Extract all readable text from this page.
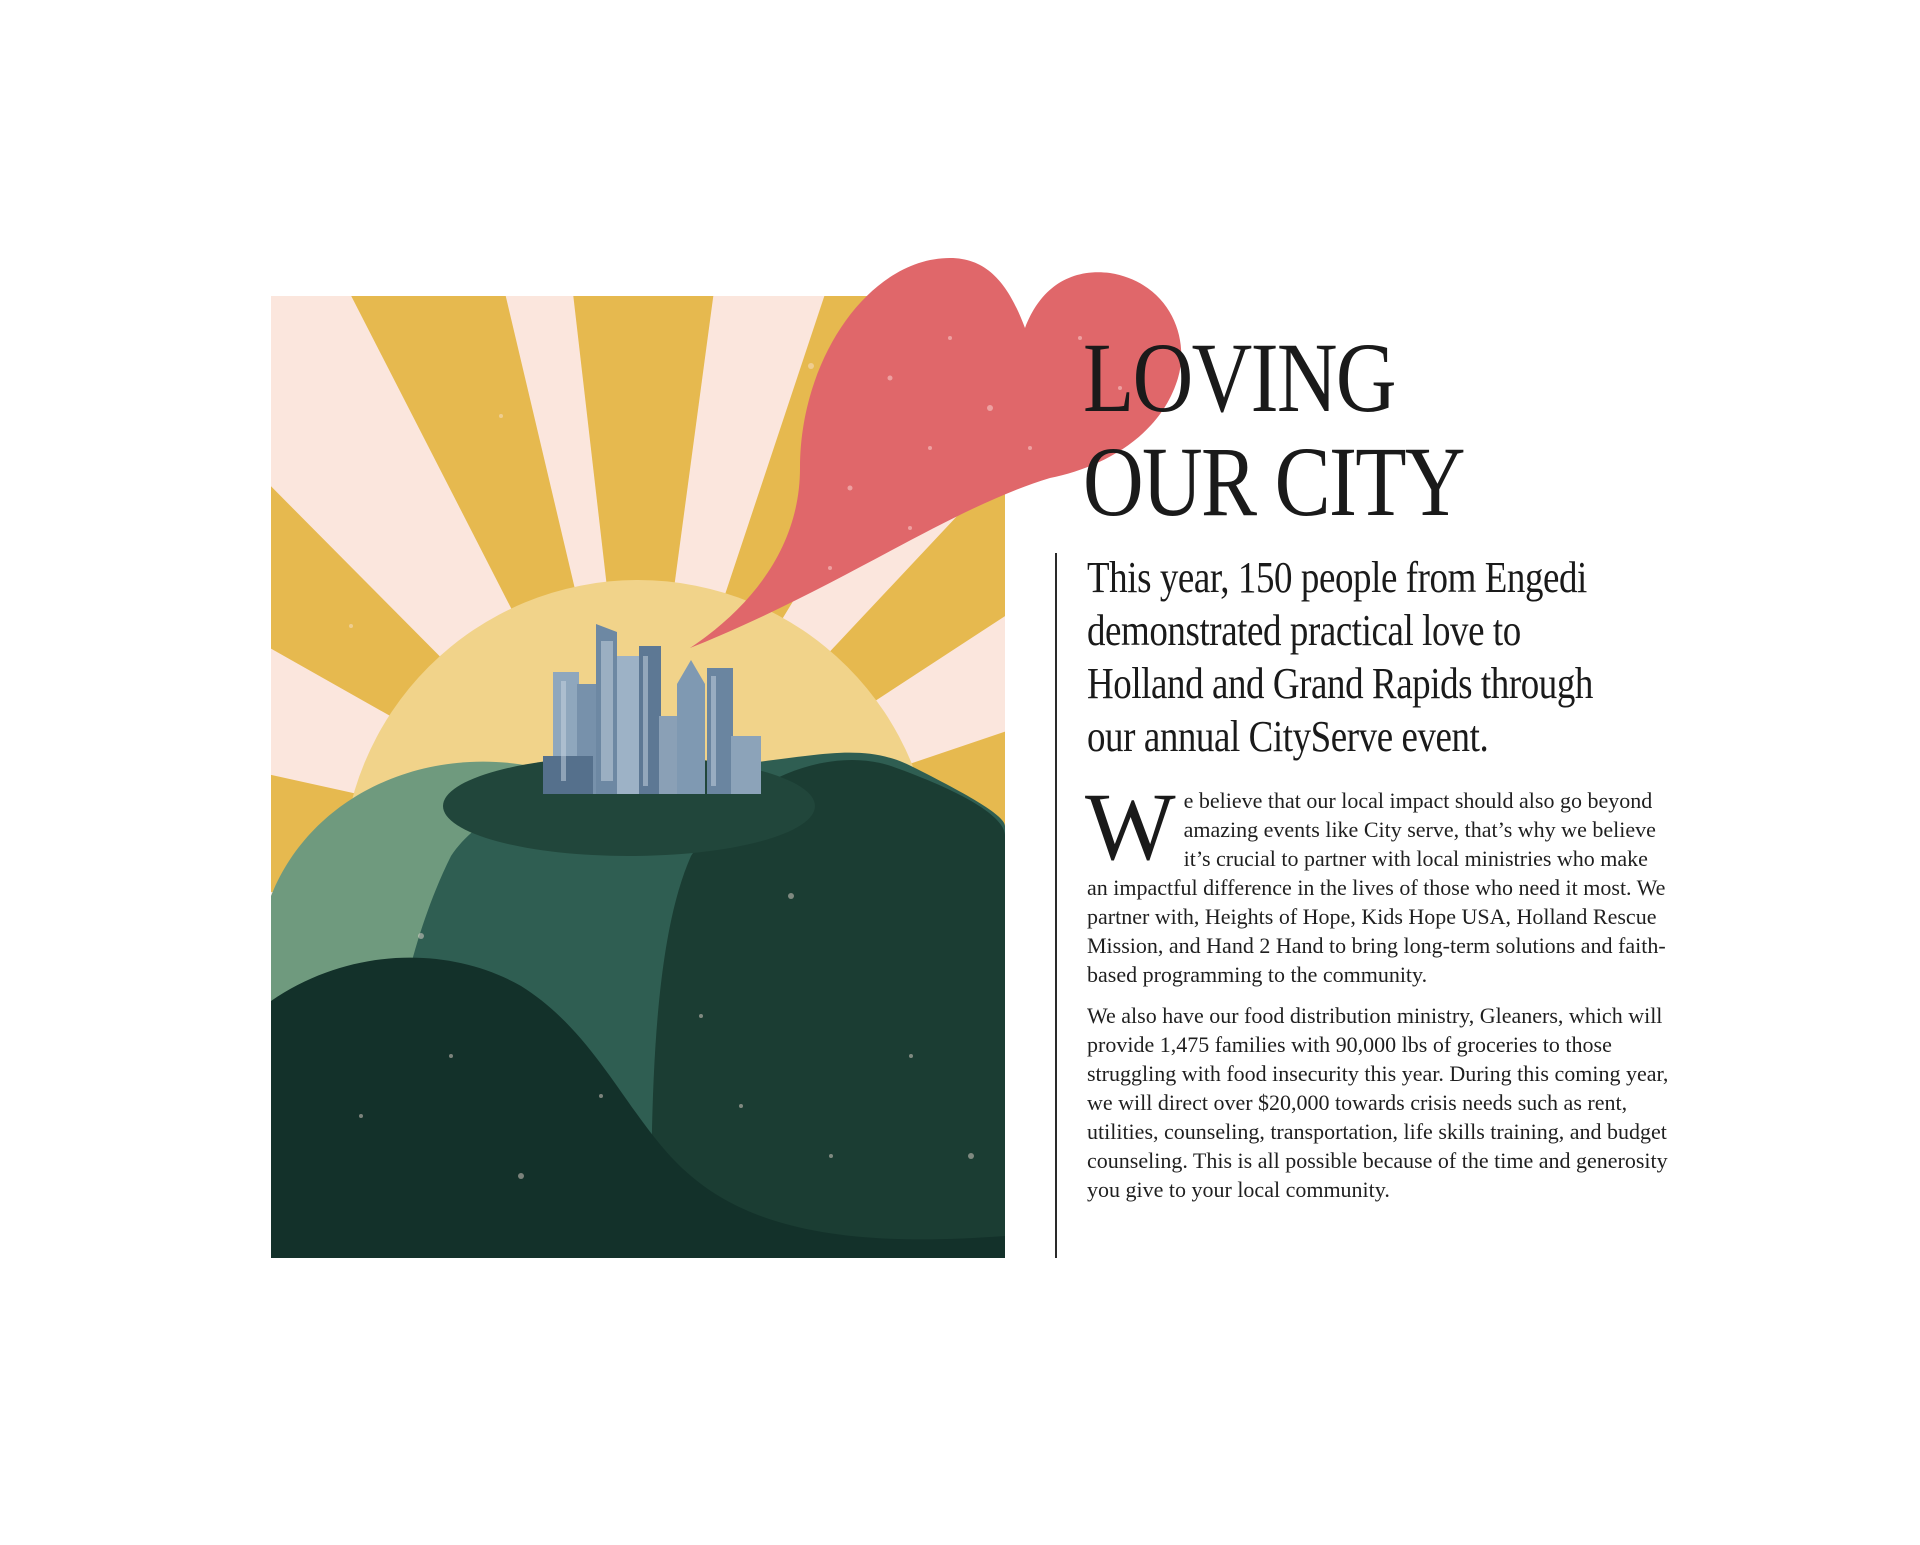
LOVING
OUR CITY
This year, 150 people from Engedi demonstrated practical love to Holland and Grand Rapids through our annual CityServe event.

We believe that our local impact should also go beyond amazing events like City serve, that’s why we believe it’s crucial to partner with local ministries who make an impactful difference in the lives of those who need it most. We partner with, Heights of Hope, Kids Hope USA, Holland Rescue Mission, and Hand 2 Hand to bring long-term solutions and faith-based programming to the community.

We also have our food distribution ministry, Gleaners, which will provide 1,475 families with 90,000 lbs of groceries to those struggling with food insecurity this year. During this coming year, we will direct over $20,000 towards crisis needs such as rent, utilities, counseling, transportation, life skills training, and budget counseling. This is all possible because of the time and generosity you give to your local community.
